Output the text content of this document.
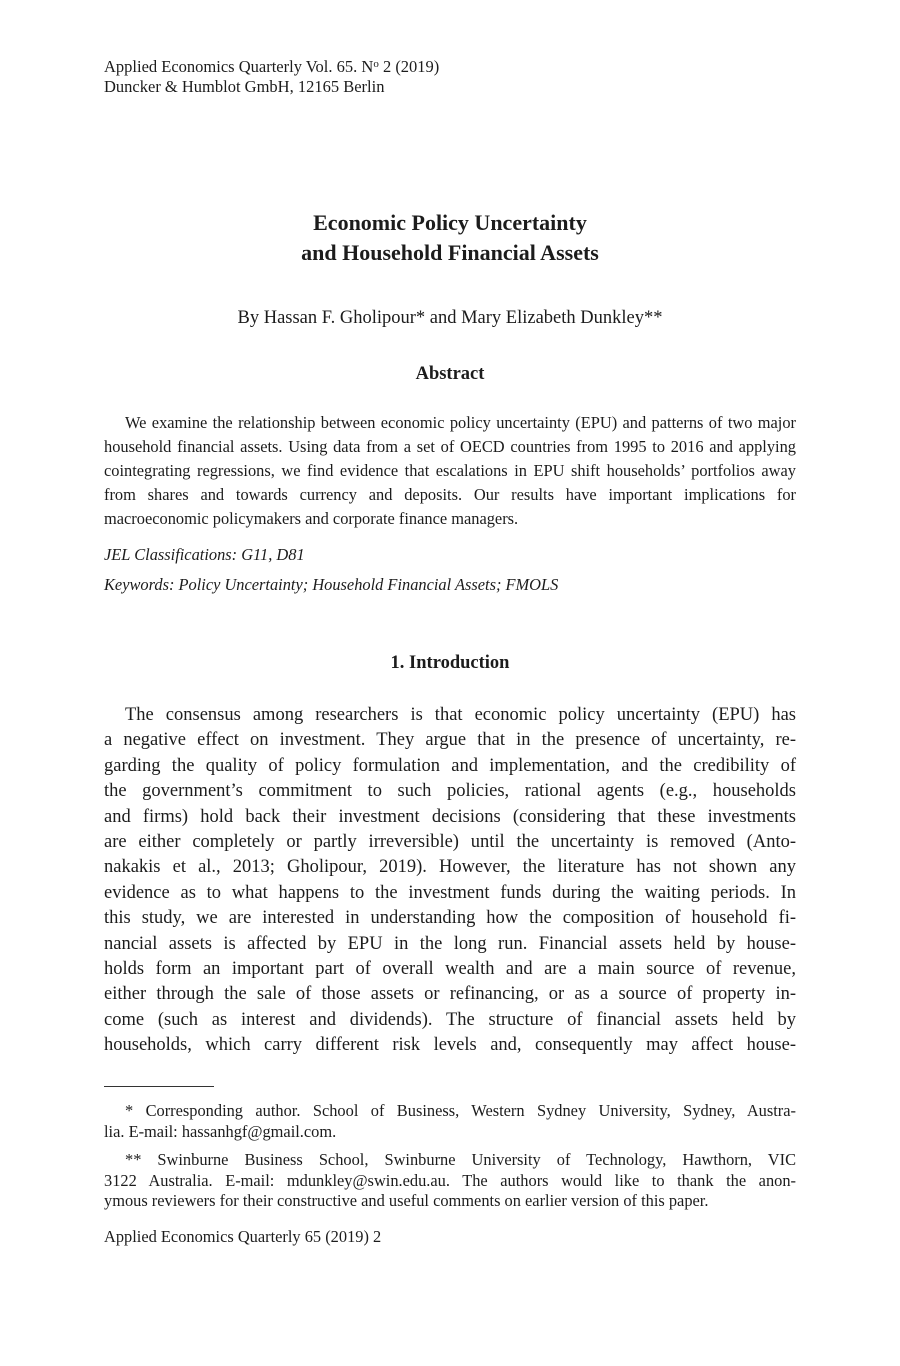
Applied Economics Quarterly Vol. 65. $N^o$ 2 (2019)
Duncker & Humblot GmbH, 12165 Berlin
Economic Policy Uncertainty
and Household Financial Assets
By Hassan F. Gholipour* and Mary Elizabeth Dunkley**
Abstract

We examine the relationship between economic policy uncertainty (EPU) and patterns of two major household financial assets. Using data from a set of OECD countries from 1995 to 2016 and applying cointegrating regressions, we find evidence that escalations in EPU shift households’ portfolios away from shares and towards currency and deposits. Our results have important implications for macroeconomic policymakers and corporate finance managers.

JEL Classifications: G11, D81
Keywords: Policy Uncertainty; Household Financial Assets; FMOLS
1. Introduction
The consensus among researchers is that economic policy uncertainty (EPU) has
a negative effect on investment. They argue that in the presence of uncertainty, re-
garding the quality of policy formulation and implementation, and the credibility of
the government’s commitment to such policies, rational agents (e.g., households
and firms) hold back their investment decisions (considering that these investments
are either completely or partly irreversible) until the uncertainty is removed (Anto-
nakakis et al., 2013; Gholipour, 2019). However, the literature has not shown any
evidence as to what happens to the investment funds during the waiting periods. In
this study, we are interested in understanding how the composition of household fi-
nancial assets is affected by EPU in the long run. Financial assets held by house-
holds form an important part of overall wealth and are a main source of revenue,
either through the sale of those assets or refinancing, or as a source of property in-
come (such as interest and dividends). The structure of financial assets held by
households, which carry different risk levels and, consequently may affect house-
* Corresponding author. School of Business, Western Sydney University, Sydney, Austra-
lia. E-mail: hassanhgf@gmail.com.
** Swinburne Business School, Swinburne University of Technology, Hawthorn, VIC
3122 Australia. E-mail: mdunkley@swin.edu.au. The authors would like to thank the anon-
ymous reviewers for their constructive and useful comments on earlier version of this paper.
Applied Economics Quarterly 65 (2019) 2
